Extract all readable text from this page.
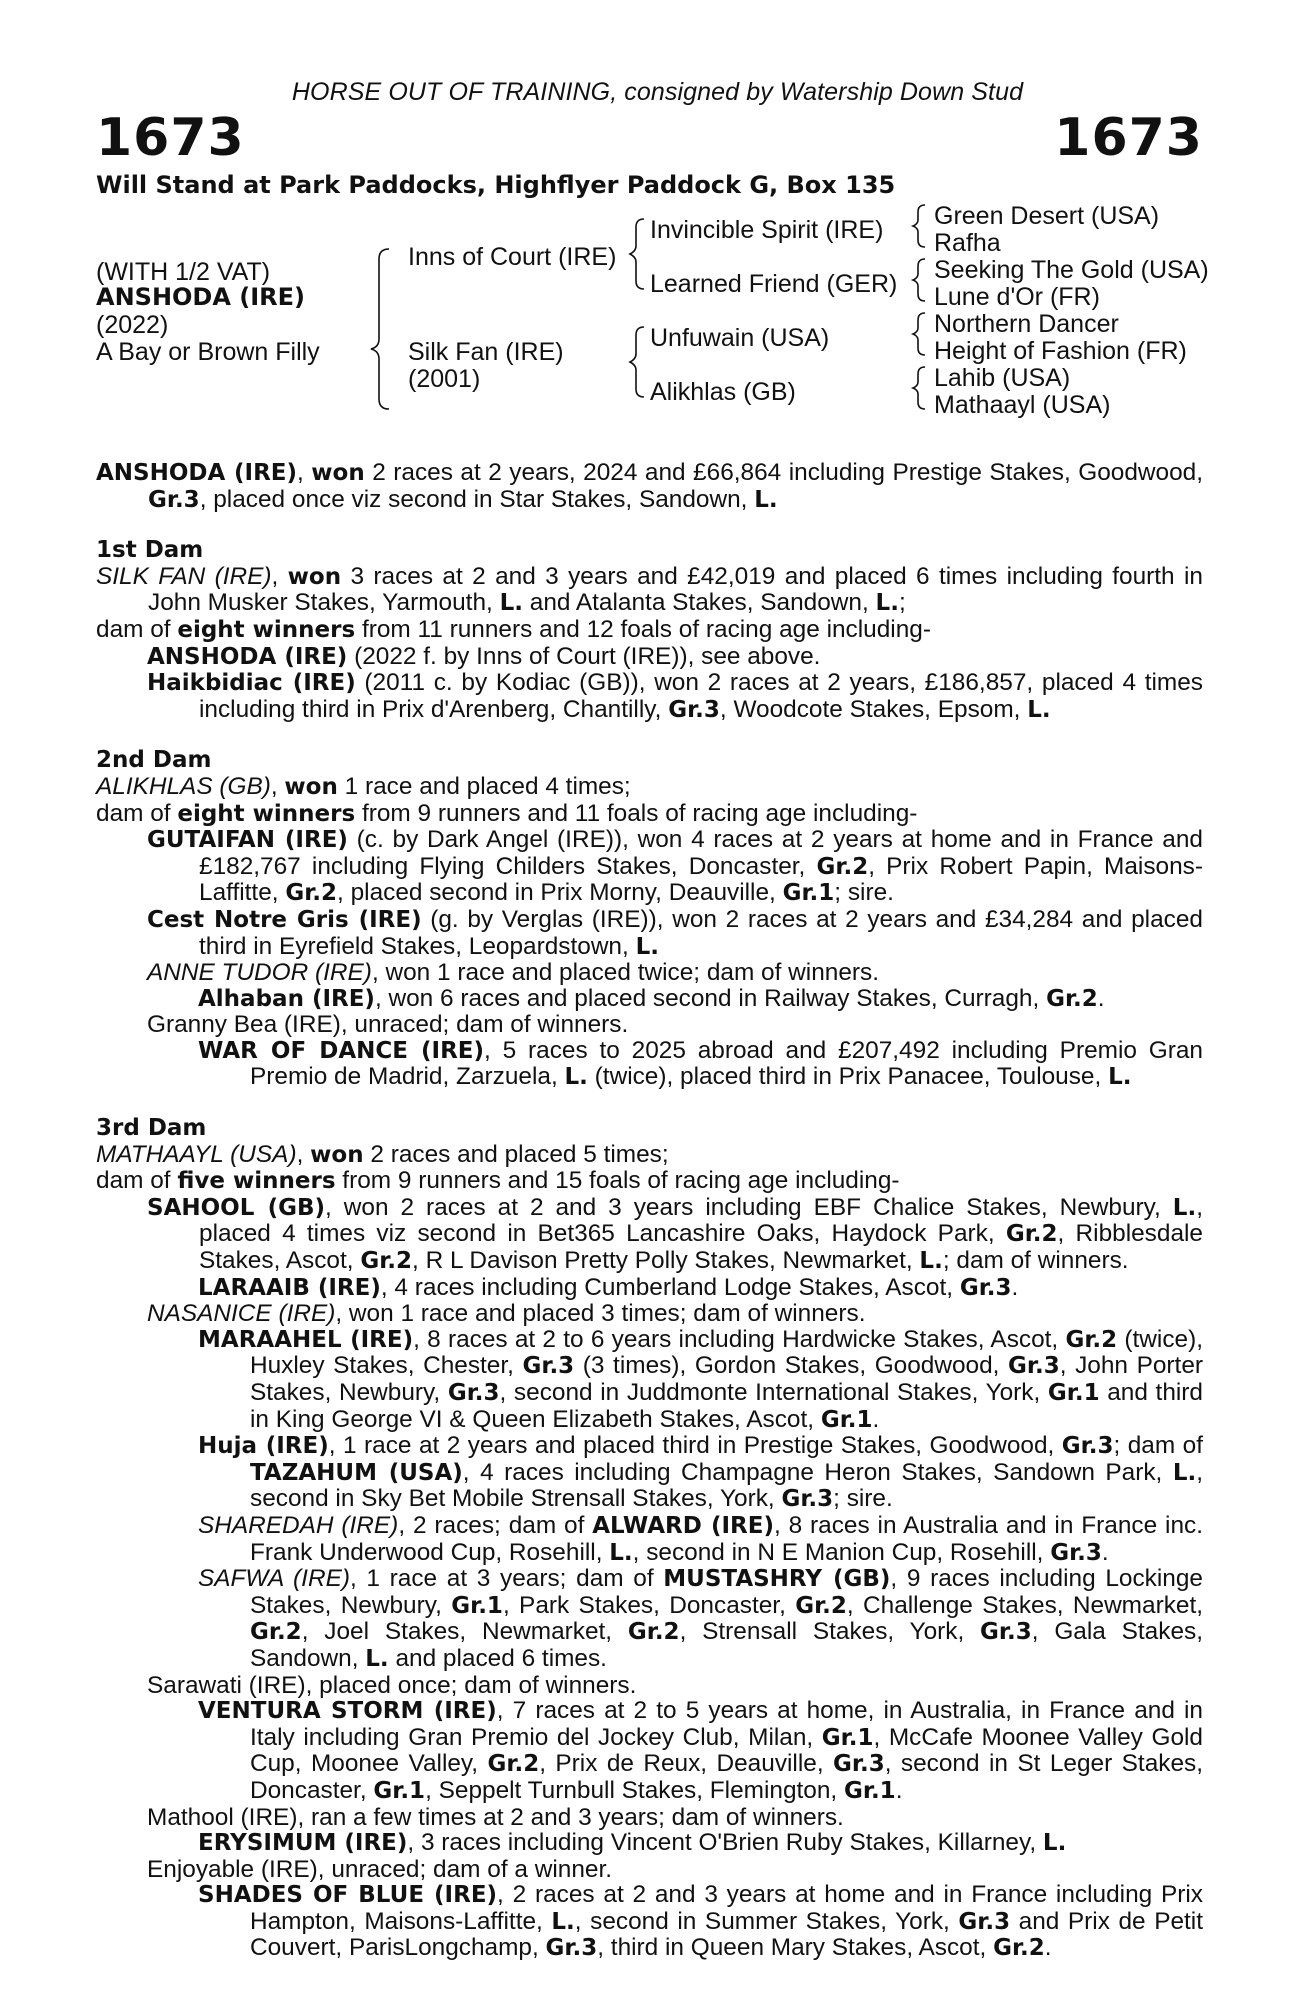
HORSE OUT OF TRAINING, consigned by Watership Down Stud
1673	1673
Will Stand at Park Paddocks, Highflyer Paddock G, Box 135
(WITH 1/2 VAT)
ANSHODA (IRE)
(2022)
A Bay or Brown Filly
Inns of Court (IRE)
Silk Fan (IRE)
(2001)
Invincible Spirit (IRE)
Learned Friend (GER)
Unfuwain (USA)
Alikhlas (GB)
Green Desert (USA)
Rafha
Seeking The Gold (USA)
Lune d'Or (FR)
Northern Dancer
Height of Fashion (FR)
Lahib (USA)
Mathaayl (USA)
ANSHODA (IRE), won 2 races at 2 years, 2024 and £66,864 including Prestige Stakes, Goodwood, Gr.3, placed once viz second in Star Stakes, Sandown, L.
1st Dam
SILK FAN (IRE), won 3 races at 2 and 3 years and £42,019 and placed 6 times including fourth in John Musker Stakes, Yarmouth, L. and Atalanta Stakes, Sandown, L.;
dam of eight winners from 11 runners and 12 foals of racing age including-
ANSHODA (IRE) (2022 f. by Inns of Court (IRE)), see above.
Haikbidiac (IRE) (2011 c. by Kodiac (GB)), won 2 races at 2 years, £186,857, placed 4 times including third in Prix d'Arenberg, Chantilly, Gr.3, Woodcote Stakes, Epsom, L.
2nd Dam
ALIKHLAS (GB), won 1 race and placed 4 times;
dam of eight winners from 9 runners and 11 foals of racing age including-
GUTAIFAN (IRE) (c. by Dark Angel (IRE)), won 4 races at 2 years at home and in France and £182,767 including Flying Childers Stakes, Doncaster, Gr.2, Prix Robert Papin, Maisons-Laffitte, Gr.2, placed second in Prix Morny, Deauville, Gr.1; sire.
Cest Notre Gris (IRE) (g. by Verglas (IRE)), won 2 races at 2 years and £34,284 and placed third in Eyrefield Stakes, Leopardstown, L.
ANNE TUDOR (IRE), won 1 race and placed twice; dam of winners.
Alhaban (IRE), won 6 races and placed second in Railway Stakes, Curragh, Gr.2.
Granny Bea (IRE), unraced; dam of winners.
WAR OF DANCE (IRE), 5 races to 2025 abroad and £207,492 including Premio Gran Premio de Madrid, Zarzuela, L. (twice), placed third in Prix Panacee, Toulouse, L.
3rd Dam
MATHAAYL (USA), won 2 races and placed 5 times;
dam of five winners from 9 runners and 15 foals of racing age including-
SAHOOL (GB), won 2 races at 2 and 3 years including EBF Chalice Stakes, Newbury, L., placed 4 times viz second in Bet365 Lancashire Oaks, Haydock Park, Gr.2, Ribblesdale Stakes, Ascot, Gr.2, R L Davison Pretty Polly Stakes, Newmarket, L.; dam of winners.
LARAAIB (IRE), 4 races including Cumberland Lodge Stakes, Ascot, Gr.3.
NASANICE (IRE), won 1 race and placed 3 times; dam of winners.
MARAAHEL (IRE), 8 races at 2 to 6 years including Hardwicke Stakes, Ascot, Gr.2 (twice), Huxley Stakes, Chester, Gr.3 (3 times), Gordon Stakes, Goodwood, Gr.3, John Porter Stakes, Newbury, Gr.3, second in Juddmonte International Stakes, York, Gr.1 and third in King George VI & Queen Elizabeth Stakes, Ascot, Gr.1.
Huja (IRE), 1 race at 2 years and placed third in Prestige Stakes, Goodwood, Gr.3; dam of TAZAHUM (USA), 4 races including Champagne Heron Stakes, Sandown Park, L., second in Sky Bet Mobile Strensall Stakes, York, Gr.3; sire.
SHAREDAH (IRE), 2 races; dam of ALWARD (IRE), 8 races in Australia and in France inc. Frank Underwood Cup, Rosehill, L., second in N E Manion Cup, Rosehill, Gr.3.
SAFWA (IRE), 1 race at 3 years; dam of MUSTASHRY (GB), 9 races including Lockinge Stakes, Newbury, Gr.1, Park Stakes, Doncaster, Gr.2, Challenge Stakes, Newmarket, Gr.2, Joel Stakes, Newmarket, Gr.2, Strensall Stakes, York, Gr.3, Gala Stakes, Sandown, L. and placed 6 times.
Sarawati (IRE), placed once; dam of winners.
VENTURA STORM (IRE), 7 races at 2 to 5 years at home, in Australia, in France and in Italy including Gran Premio del Jockey Club, Milan, Gr.1, McCafe Moonee Valley Gold Cup, Moonee Valley, Gr.2, Prix de Reux, Deauville, Gr.3, second in St Leger Stakes, Doncaster, Gr.1, Seppelt Turnbull Stakes, Flemington, Gr.1.
Mathool (IRE), ran a few times at 2 and 3 years; dam of winners.
ERYSIMUM (IRE), 3 races including Vincent O'Brien Ruby Stakes, Killarney, L.
Enjoyable (IRE), unraced; dam of a winner.
SHADES OF BLUE (IRE), 2 races at 2 and 3 years at home and in France including Prix Hampton, Maisons-Laffitte, L., second in Summer Stakes, York, Gr.3 and Prix de Petit Couvert, ParisLongchamp, Gr.3, third in Queen Mary Stakes, Ascot, Gr.2.
